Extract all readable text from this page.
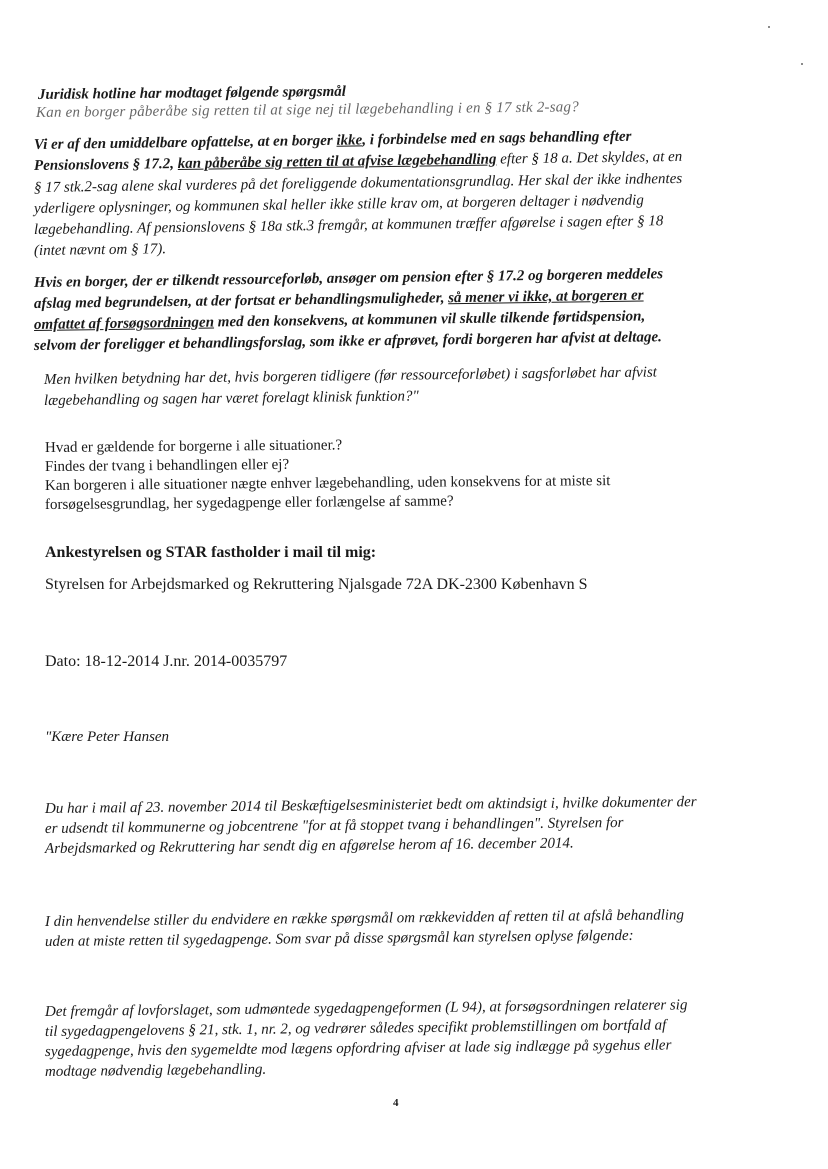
Juridisk hotline har modtaget følgende spørgsmål
Kan en borger påberåbe sig retten til at sige nej til lægebehandling i en § 17 stk 2-sag?
Vi er af den umiddelbare opfattelse, at en borger ikke, i forbindelse med en sags behandling efter
Pensionslovens § 17.2, kan påberåbe sig retten til at afvise lægebehandling efter § 18 a. Det skyldes, at en
§ 17 stk.2-sag alene skal vurderes på det foreliggende dokumentationsgrundlag. Her skal der ikke indhentes
yderligere oplysninger, og kommunen skal heller ikke stille krav om, at borgeren deltager i nødvendig
lægebehandling. Af pensionslovens § 18a stk.3 fremgår, at kommunen træffer afgørelse i sagen efter § 18
(intet nævnt om § 17).
Hvis en borger, der er tilkendt ressourceforløb, ansøger om pension efter § 17.2 og borgeren meddeles
afslag med begrundelsen, at der fortsat er behandlingsmuligheder, så mener vi ikke, at borgeren er
omfattet af forsøgsordningen med den konsekvens, at kommunen vil skulle tilkende førtidspension,
selvom der foreligger et behandlingsforslag, som ikke er afprøvet, fordi borgeren har afvist at deltage.
Men hvilken betydning har det, hvis borgeren tidligere (før ressourceforløbet) i sagsforløbet har afvist
lægebehandling og sagen har været forelagt klinisk funktion?"
Hvad er gældende for borgerne i alle situationer.?
Findes der tvang i behandlingen eller ej?
Kan borgeren i alle situationer nægte enhver lægebehandling, uden konsekvens for at miste sit
forsøgelsesgrundlag, her sygedagpenge eller forlængelse af samme?
Ankestyrelsen og STAR fastholder i mail til mig:
Styrelsen for Arbejdsmarked og Rekruttering Njalsgade 72A DK-2300 København S
Dato: 18-12-2014 J.nr. 2014-0035797
"Kære Peter Hansen
Du har i mail af 23. november 2014 til Beskæftigelsesministeriet bedt om aktindsigt i, hvilke dokumenter der
er udsendt til kommunerne og jobcentrene "for at få stoppet tvang i behandlingen". Styrelsen for
Arbejdsmarked og Rekruttering har sendt dig en afgørelse herom af 16. december 2014.
I din henvendelse stiller du endvidere en række spørgsmål om rækkevidden af retten til at afslå behandling
uden at miste retten til sygedagpenge. Som svar på disse spørgsmål kan styrelsen oplyse følgende:
Det fremgår af lovforslaget, som udmøntede sygedagpengeformen (L 94), at forsøgsordningen relaterer sig
til sygedagpengelovens § 21, stk. 1, nr. 2, og vedrører således specifikt problemstillingen om bortfald af
sygedagpenge, hvis den sygemeldte mod lægens opfordring afviser at lade sig indlægge på sygehus eller
modtage nødvendig lægebehandling.
4
